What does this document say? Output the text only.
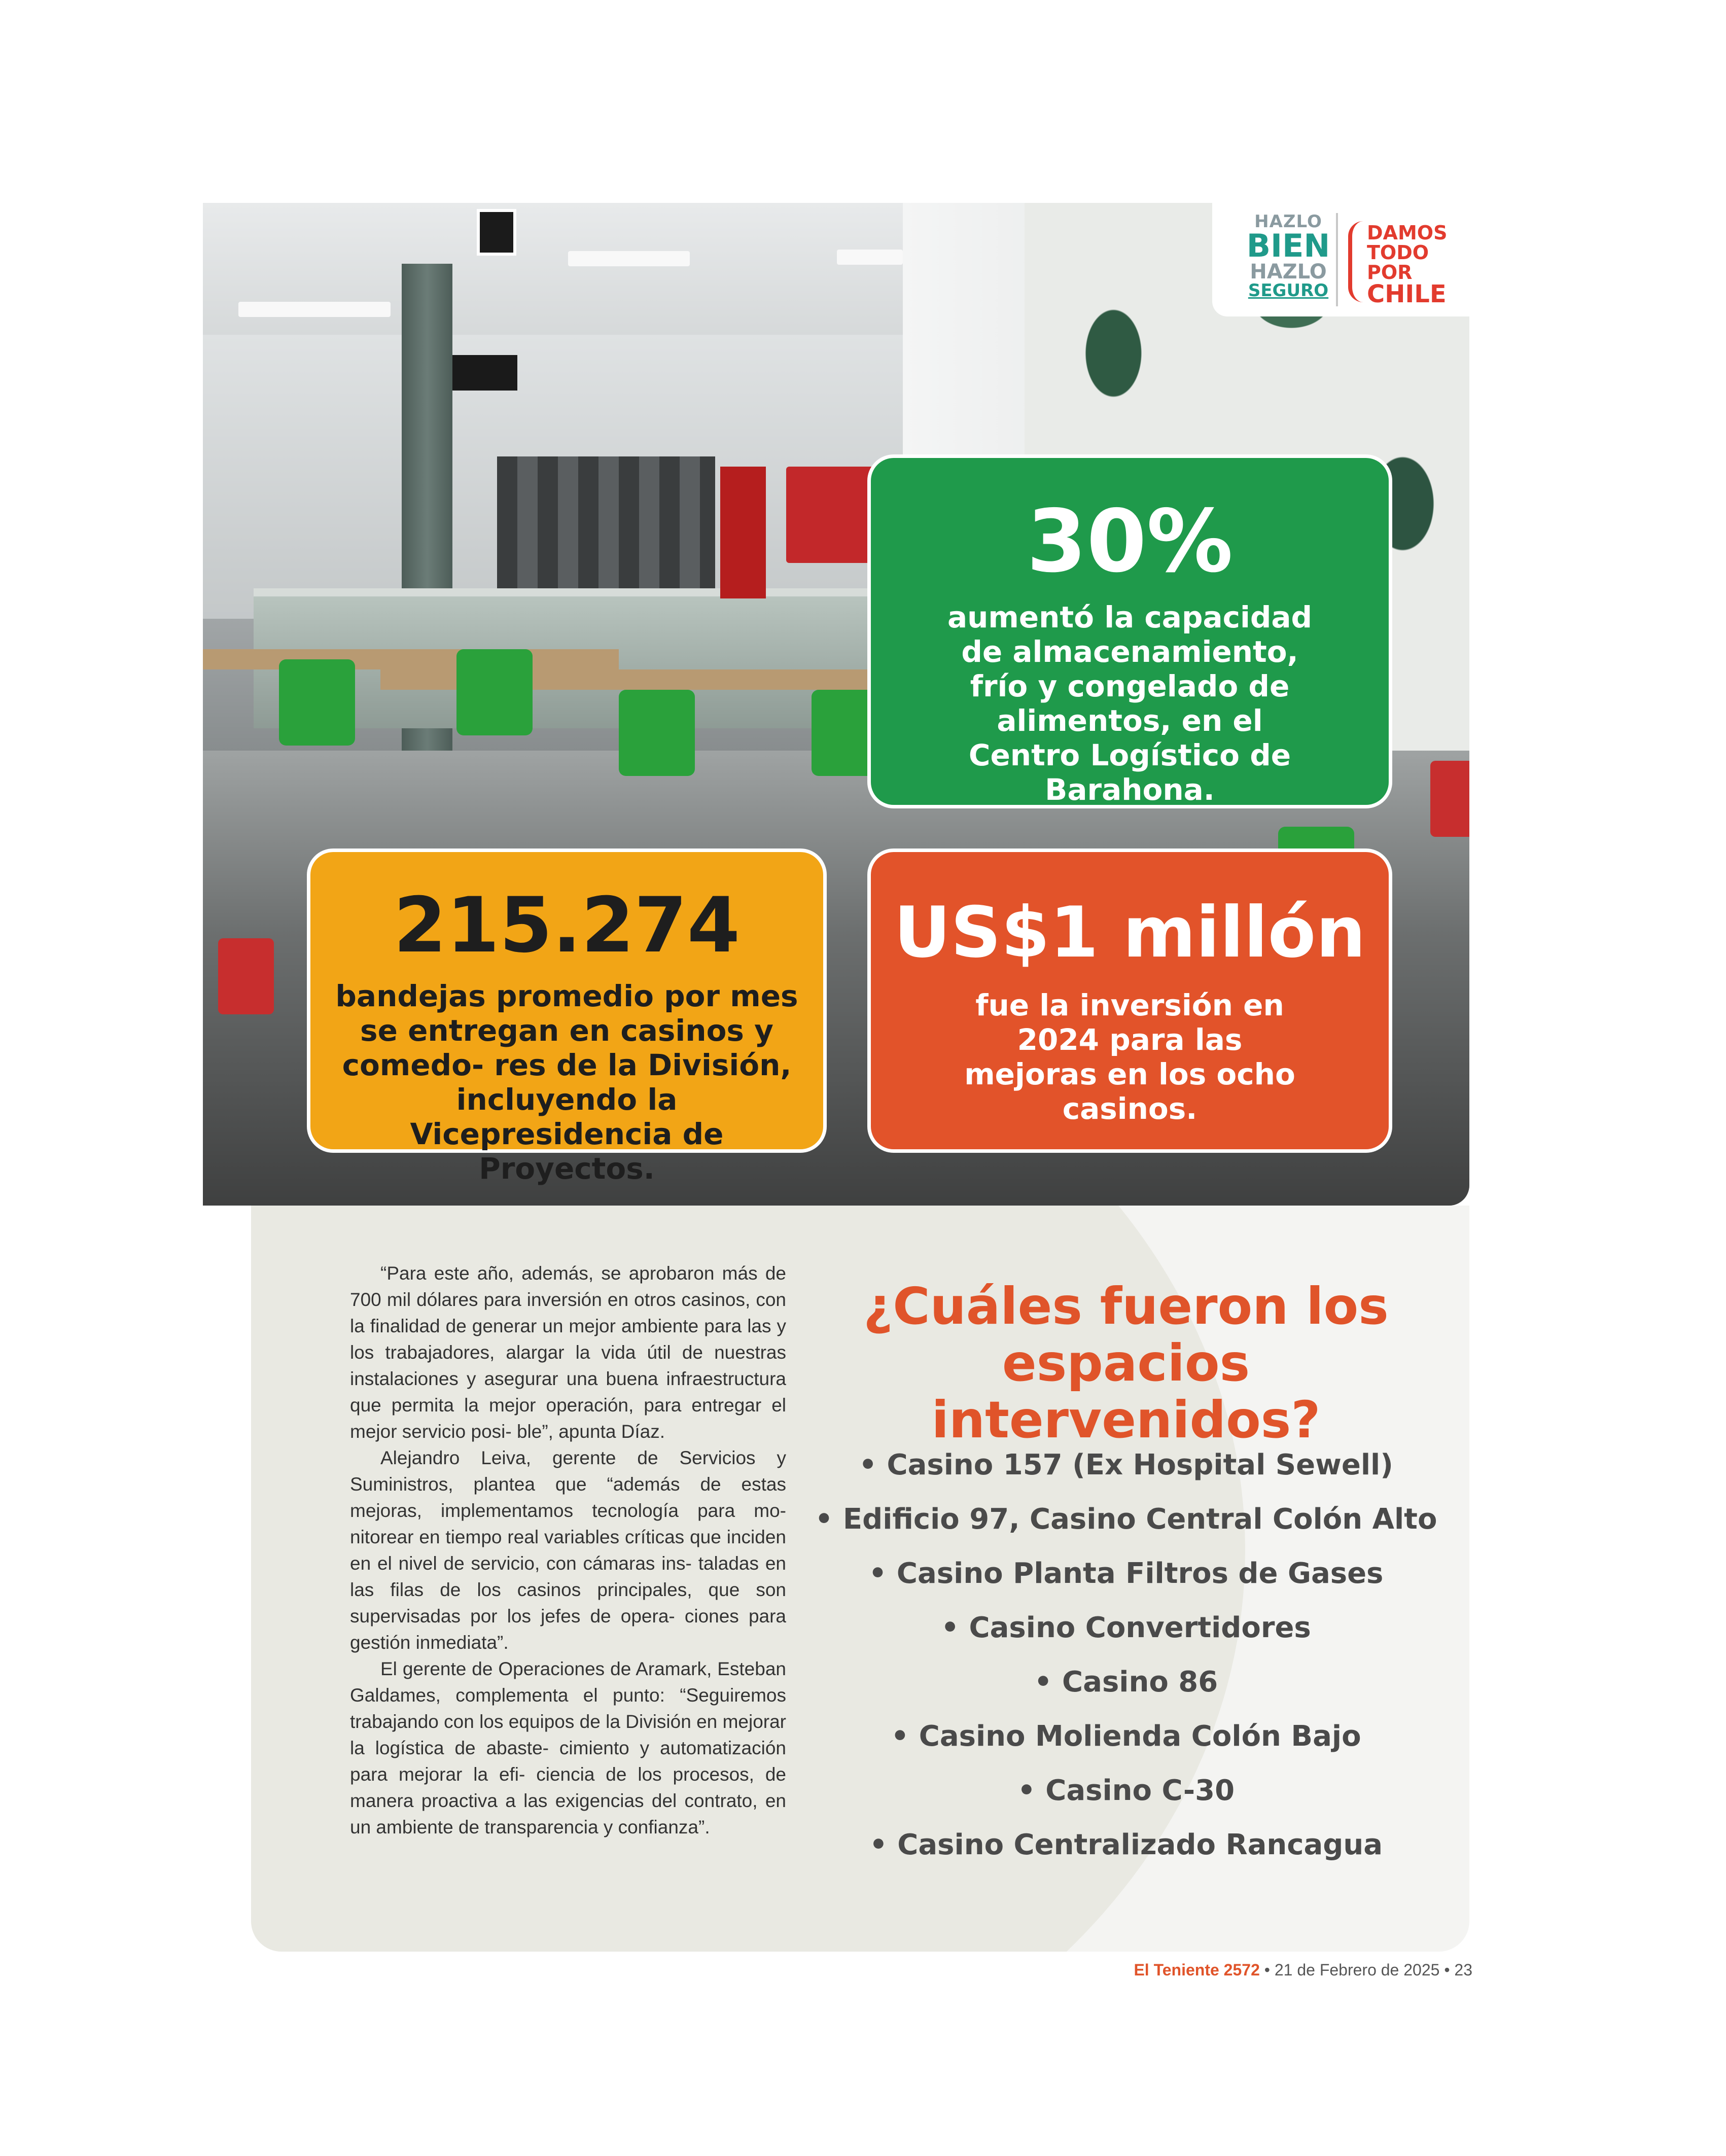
HAZLO
BIEN
HAZLO
SEGURO
DAMOS
TODO
POR
CHILE
30%
aumentó la capacidad de almacenamiento, frío y congelado de alimentos, en el Centro Logístico de Barahona.
215.274
bandejas promedio por mes se entregan en casinos y comedo- res de la División, incluyendo la Vicepresidencia de Proyectos.
US$1 millón
fue la inversión en 2024 para las mejoras en los ocho casinos.

“Para este año, además, se aprobaron más de 700 mil dólares para inversión en otros casinos, con la finalidad de generar un mejor ambiente para las y los trabajadores, alargar la vida útil de nuestras instalaciones y asegurar una buena infraestructura que permita la mejor operación, para entregar el mejor servicio posi- ble”, apunta Díaz.

Alejandro Leiva, gerente de Servicios y Suministros, plantea que “además de estas mejoras, implementamos tecnología para mo- nitorear en tiempo real variables críticas que inciden en el nivel de servicio, con cámaras ins- taladas en las filas de los casinos principales, que son supervisadas por los jefes de opera- ciones para gestión inmediata”.

El gerente de Operaciones de Aramark, Esteban Galdames, complementa el punto: “Seguiremos trabajando con los equipos de la División en mejorar la logística de abaste- cimiento y automatización para mejorar la efi- ciencia de los procesos, de manera proactiva a las exigencias del contrato, en un ambiente de transparencia y confianza”.

¿Cuáles fueron los
espacios intervenidos?
• Casino 157 (Ex Hospital Sewell)
• Edificio 97, Casino Central Colón Alto
• Casino Planta Filtros de Gases
• Casino Convertidores
• Casino 86
• Casino Molienda Colón Bajo
• Casino C-30
• Casino Centralizado Rancagua
El Teniente 2572 • 21 de Febrero de 2025 • 23
